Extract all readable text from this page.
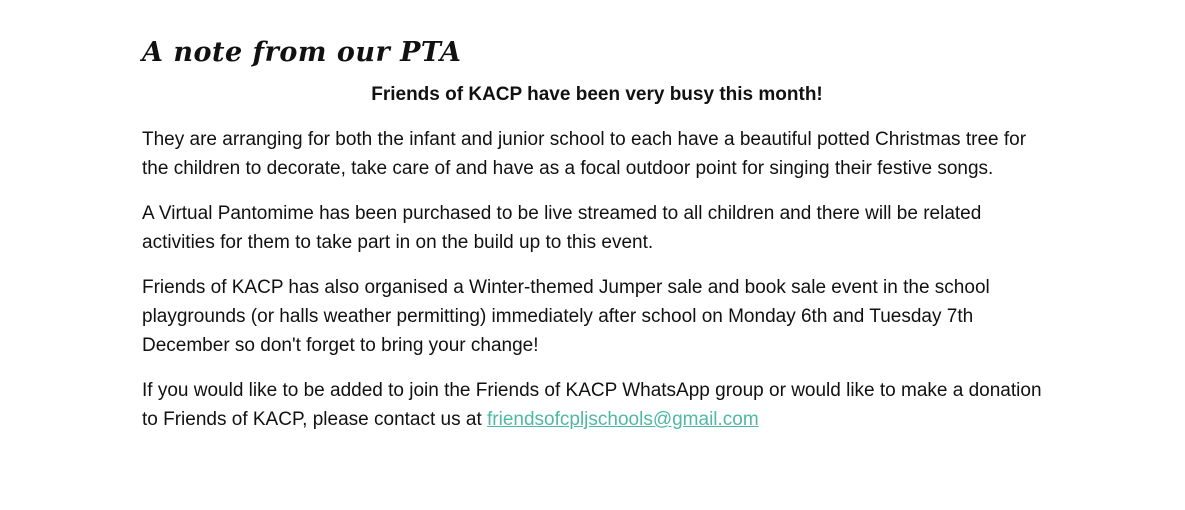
A note from our PTA

Friends of KACP have been very busy this month!

They are arranging for both the infant and junior school to each have a beautiful potted Christmas tree for the children to decorate, take care of and have as a focal outdoor point for singing their festive songs.

A Virtual Pantomime has been purchased to be live streamed to all children and there will be related activities for them to take part in on the build up to this event.

Friends of KACP has also organised a Winter-themed Jumper sale and book sale event in the school playgrounds (or halls weather permitting) immediately after school on Monday 6th and Tuesday 7th December so don't forget to bring your change!

If you would like to be added to join the Friends of KACP WhatsApp group or would like to make a donation to Friends of KACP, please contact us at friendsofcpljschools@gmail.com
